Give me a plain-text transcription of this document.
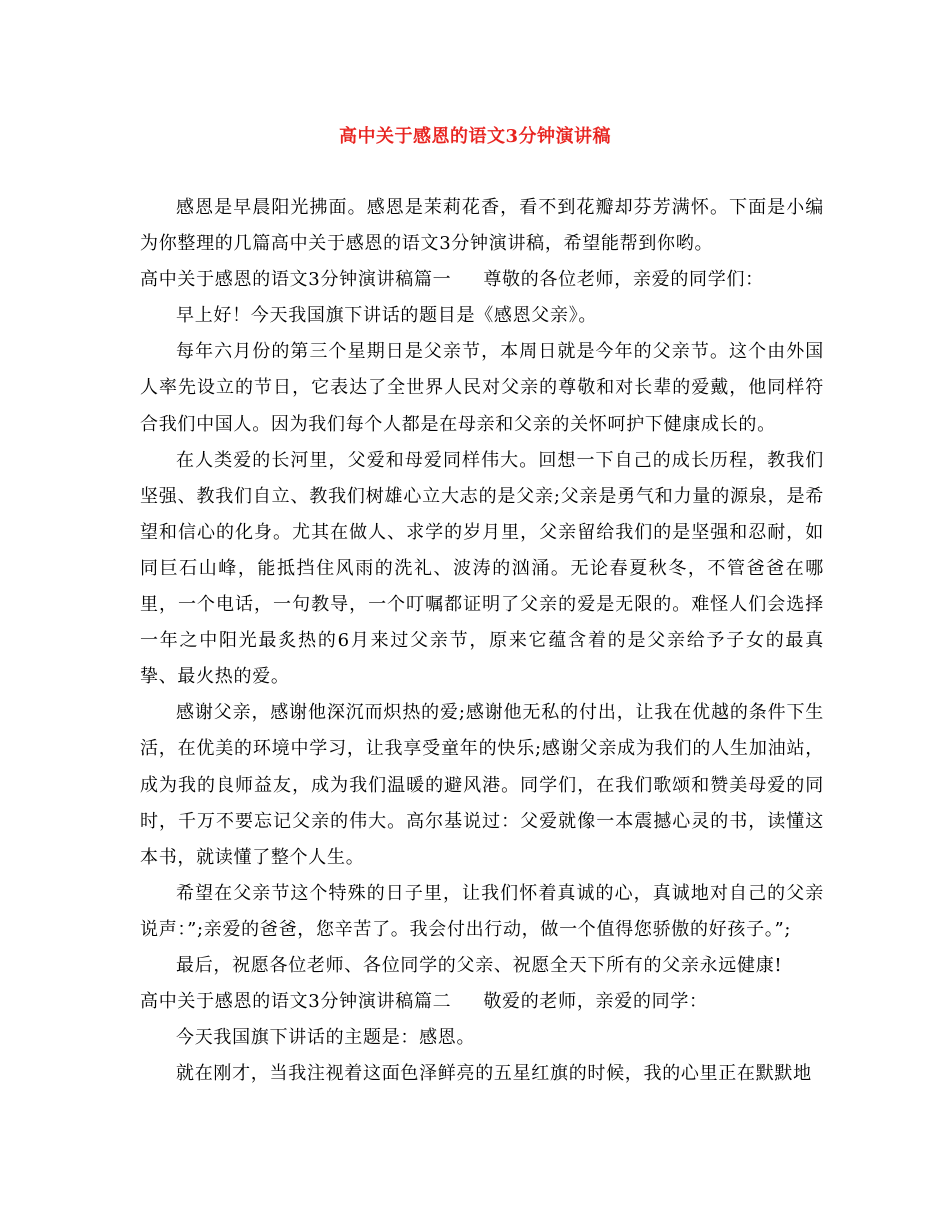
高中关于感恩的语文3分钟演讲稿

感恩是早晨阳光拂面。感恩是茉莉花香，看不到花瓣却芬芳满怀。下面是小编为你整理的几篇高中关于感恩的语文3分钟演讲稿，希望能帮到你哟。

高中关于感恩的语文3分钟演讲稿篇一 尊敬的各位老师，亲爱的同学们：

早上好！今天我国旗下讲话的题目是《感恩父亲》。

每年六月份的第三个星期日是父亲节，本周日就是今年的父亲节。这个由外国人率先设立的节日，它表达了全世界人民对父亲的尊敬和对长辈的爱戴，他同样符合我们中国人。因为我们每个人都是在母亲和父亲的关怀呵护下健康成长的。

在人类爱的长河里，父爱和母爱同样伟大。回想一下自己的成长历程，教我们坚强、教我们自立、教我们树雄心立大志的是父亲;父亲是勇气和力量的源泉，是希望和信心的化身。尤其在做人、求学的岁月里，父亲留给我们的是坚强和忍耐，如同巨石山峰，能抵挡住风雨的洗礼、波涛的汹涌。无论春夏秋冬，不管爸爸在哪里，一个电话，一句教导，一个叮嘱都证明了父亲的爱是无限的。难怪人们会选择一年之中阳光最炙热的6月来过父亲节，原来它蕴含着的是父亲给予子女的最真挚、最火热的爱。

感谢父亲，感谢他深沉而炽热的爱;感谢他无私的付出，让我在优越的条件下生活，在优美的环境中学习，让我享受童年的快乐;感谢父亲成为我们的人生加油站，成为我的良师益友，成为我们温暖的避风港。同学们，在我们歌颂和赞美母爱的同时，千万不要忘记父亲的伟大。高尔基说过：父爱就像一本震撼心灵的书，读懂这本书，就读懂了整个人生。

希望在父亲节这个特殊的日子里，让我们怀着真诚的心，真诚地对自己的父亲说声：”;亲爱的爸爸，您辛苦了。我会付出行动，做一个值得您骄傲的好孩子。”;

最后，祝愿各位老师、各位同学的父亲、祝愿全天下所有的父亲永远健康!

高中关于感恩的语文3分钟演讲稿篇二 敬爱的老师，亲爱的同学：

今天我国旗下讲话的主题是：感恩。

就在刚才，当我注视着这面色泽鲜亮的五星红旗的时候，我的心里正在默默地
